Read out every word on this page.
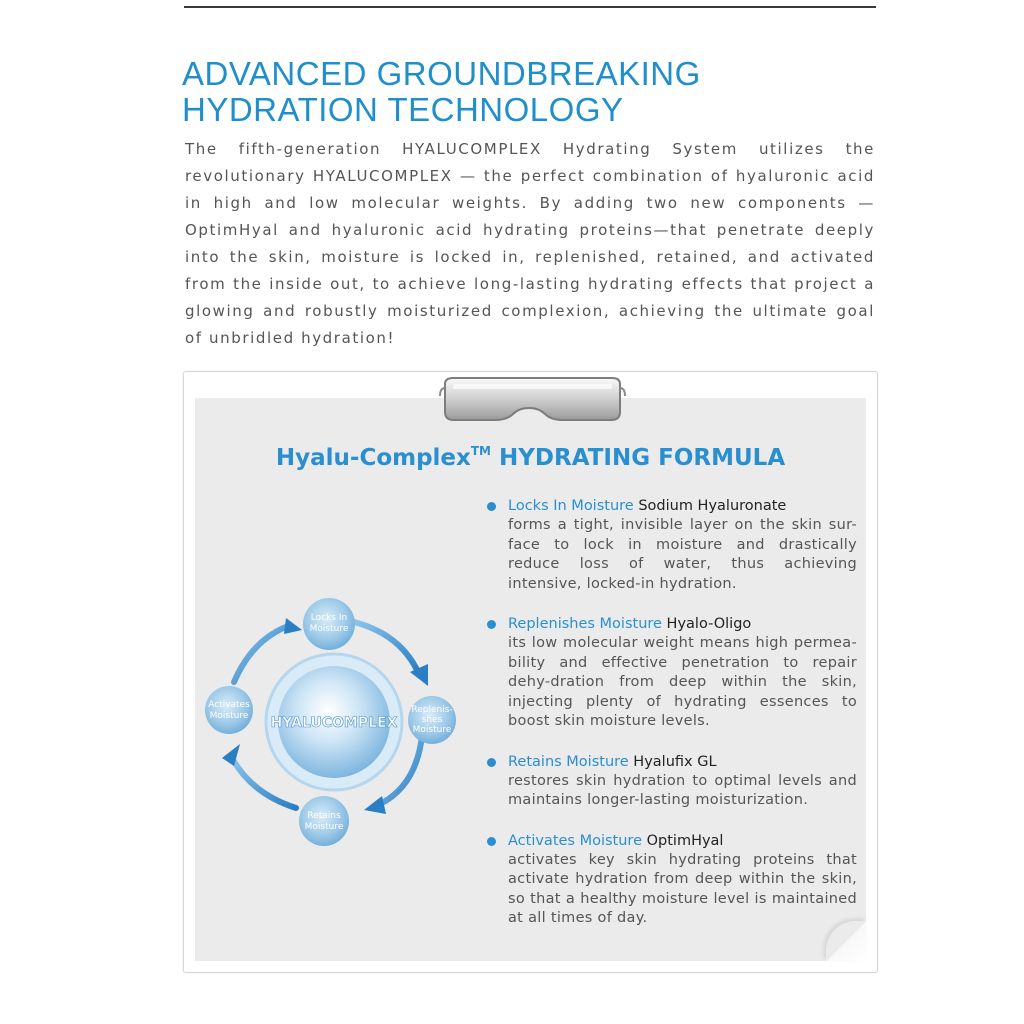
ADVANCED GROUNDBREAKING
HYDRATION TECHNOLOGY

The fifth-generation HYALUCOMPLEX Hydrating System utilizes the revolutionary HYALUCOMPLEX — the perfect combination of hyaluronic acid in high and low molecular weights. By adding two new components — OptimHyal and hyaluronic acid hydrating proteins—that penetrate deeply into the skin, moisture is locked in, replenished, retained, and activated from the inside out, to achieve long-lasting hydrating effects that project a glowing and robustly moisturized complexion, achieving the ultimate goal of unbridled hydration!

Hyalu-Complex™ HYDRATING FORMULA
HYALUCOMPLEX
Locks In
Moisture
Replenis-
shes
Moisture
Retains
Moisture
Activates
Moisture

Locks In Moisture Sodium Hyaluronate

forms a tight, invisible layer on the skin sur-face to lock in moisture and drastically reduce loss of water, thus achieving intensive, locked-in hydration.

Replenishes Moisture Hyalo-Oligo

its low molecular weight means high permea-bility and effective penetration to repair dehy-dration from deep within the skin, injecting plenty of hydrating essences to boost skin moisture levels.

Retains Moisture Hyalufix GL

restores skin hydration to optimal levels and maintains longer-lasting moisturization.

Activates Moisture OptimHyal

activates key skin hydrating proteins that activate hydration from deep within the skin, so that a healthy moisture level is maintained at all times of day.
